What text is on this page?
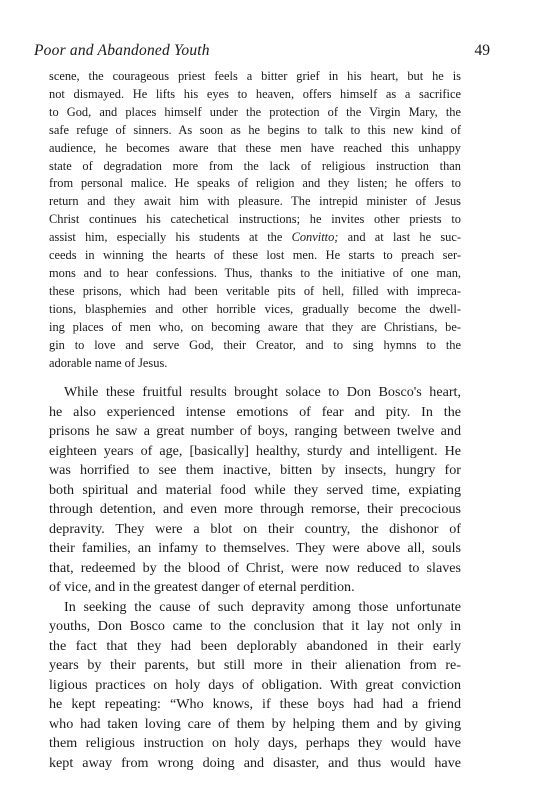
Poor and Abandoned Youth	49
scene, the courageous priest feels a bitter grief in his heart, but he is
not dismayed. He lifts his eyes to heaven, offers himself as a sacrifice
to God, and places himself under the protection of the Virgin Mary, the
safe refuge of sinners. As soon as he begins to talk to this new kind of
audience, he becomes aware that these men have reached this unhappy
state of degradation more from the lack of religious instruction than
from personal malice. He speaks of religion and they listen; he offers to
return and they await him with pleasure. The intrepid minister of Jesus
Christ continues his catechetical instructions; he invites other priests to
assist him, especially his students at the Convitto; and at last he suc-
ceeds in winning the hearts of these lost men. He starts to preach ser-
mons and to hear confessions. Thus, thanks to the initiative of one man,
these prisons, which had been veritable pits of hell, filled with impreca-
tions, blasphemies and other horrible vices, gradually become the dwell-
ing places of men who, on becoming aware that they are Christians, be-
gin to love and serve God, their Creator, and to sing hymns to the
adorable name of Jesus.

While these fruitful results brought solace to Don Bosco's heart,
he also experienced intense emotions of fear and pity. In the
prisons he saw a great number of boys, ranging between twelve and
eighteen years of age, [basically] healthy, sturdy and intelligent. He
was horrified to see them inactive, bitten by insects, hungry for
both spiritual and material food while they served time, expiating
through detention, and even more through remorse, their precocious
depravity. They were a blot on their country, the dishonor of
their families, an infamy to themselves. They were above all, souls
that, redeemed by the blood of Christ, were now reduced to slaves
of vice, and in the greatest danger of eternal perdition.

In seeking the cause of such depravity among those unfortunate
youths, Don Bosco came to the conclusion that it lay not only in
the fact that they had been deplorably abandoned in their early
years by their parents, but still more in their alienation from re-
ligious practices on holy days of obligation. With great conviction
he kept repeating: “Who knows, if these boys had had a friend
who had taken loving care of them by helping them and by giving
them religious instruction on holy days, perhaps they would have
kept away from wrong doing and disaster, and thus would have
